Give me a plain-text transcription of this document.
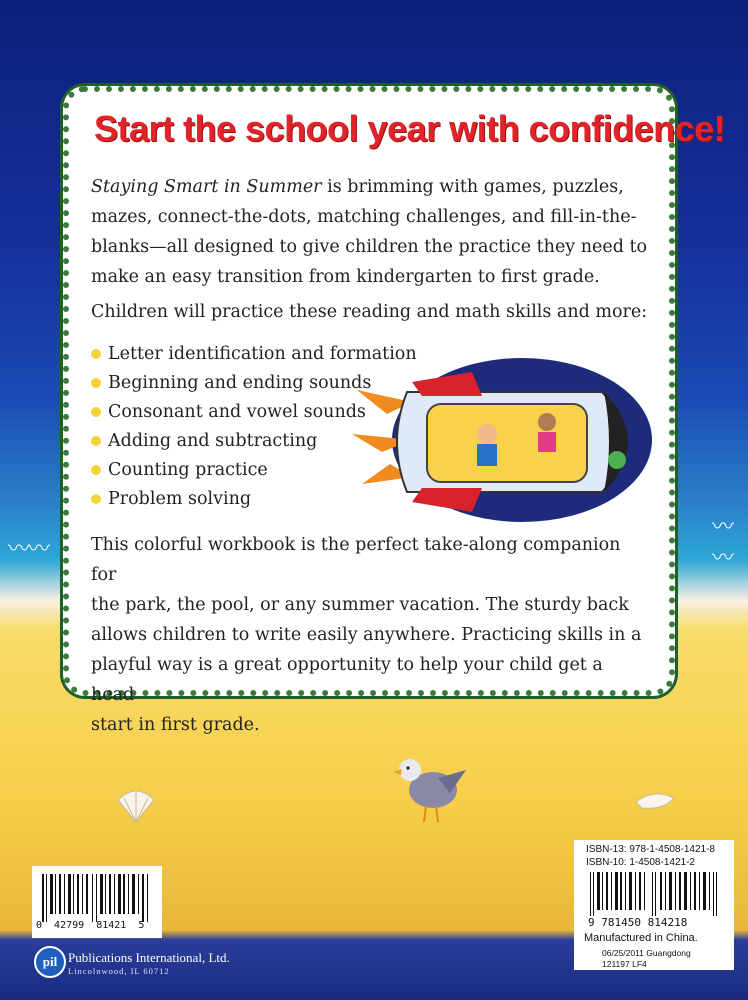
〰〰
〰〰
Start the school year with confidence!
Staying Smart in Summer is brimming with games, puzzles,
mazes, connect-the-dots, matching challenges, and fill-in-the-
blanks—all designed to give children the practice they need to
make an easy transition from kindergarten to first grade.
Children will practice these reading and math skills and more:
Letter identification and formation
Beginning and ending sounds
Consonant and vowel sounds
Adding and subtracting
Counting practice
Problem solving
This colorful workbook is the perfect take-along companion for
the park, the pool, or any summer vacation. The sturdy back
allows children to write easily anywhere. Practicing skills in a
playful way is a great opportunity to help your child get a head
start in first grade.
0  42799  81421  5
ISBN-13: 978-1-4508-1421-8
ISBN-10: 1-4508-1421-2
9 781450 814218
Manufactured in China.
06/25/2011 Guangdong
121197 LF4
pil Publications International, Ltd.
Lincolnwood, IL 60712
